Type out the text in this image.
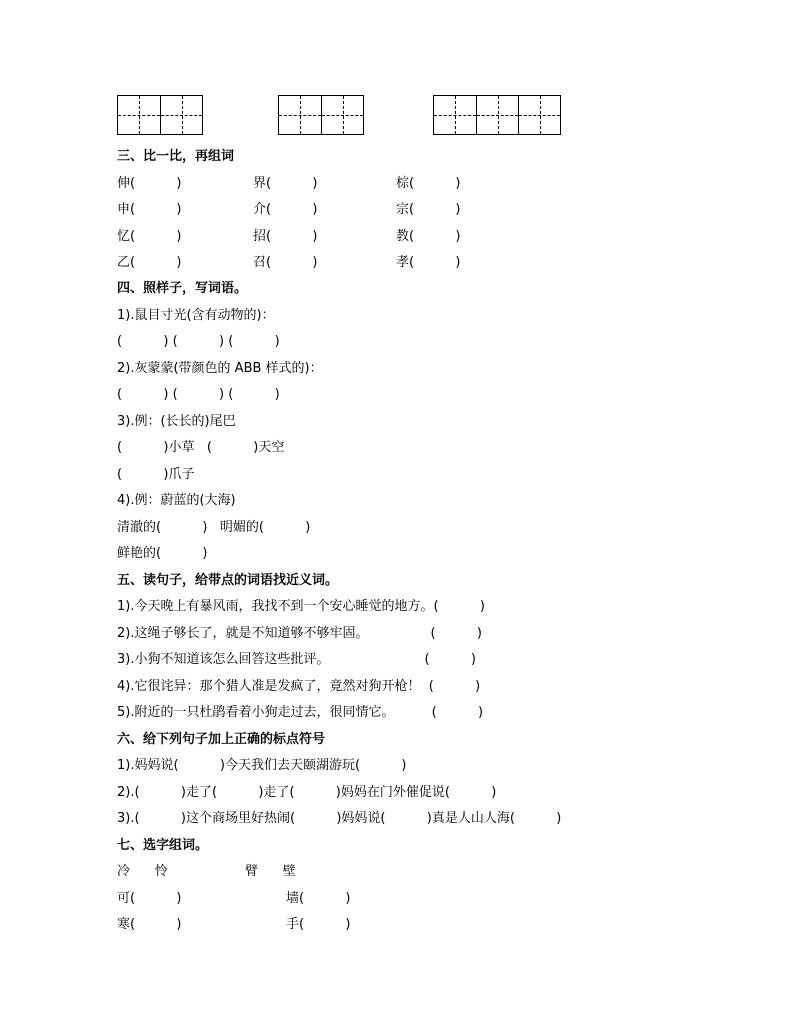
三、比一比，再组词
伸(          )	界(          )	棕(          )
申(          )	介(          )	宗(          )
忆(          )	招(          )	教(          )
乙(          )	召(          )	孝(          )
四、照样子，写词语。
1).鼠目寸光(含有动物的)：
(          ) (          ) (          )
2).灰蒙蒙(带颜色的 ABB 样式的)：
(          ) (          ) (          )
3).例：(长长的)尾巴
(          )小草   (          )天空
(          )爪子
4).例：蔚蓝的(大海)
清澈的(          )   明媚的(          )
鲜艳的(          )
五、读句子，给带点的词语找近义词。
1).今天晚上有暴风雨，我找不到一个安心睡觉的地方。(          )
2).这绳子够长了，就是不知道够不够牢固。               (          )
3).小狗不知道该怎么回答这些批评。                       (          )
4).它很诧异：那个猎人准是发疯了，竟然对狗开枪！  (          )
5).附近的一只杜鹃看着小狗走过去，很同情它。         (          )
六、给下列句子加上正确的标点符号
1).妈妈说(          )今天我们去天颐湖游玩(          )
2).(          )走了(          )走了(          )妈妈在门外催促说(          )
3).(          )这个商场里好热闹(          )妈妈说(          )真是人山人海(          )
七、选字组词。
冷      怜	臂      壁
可(          )	墙(          )
寒(          )	手(          )
